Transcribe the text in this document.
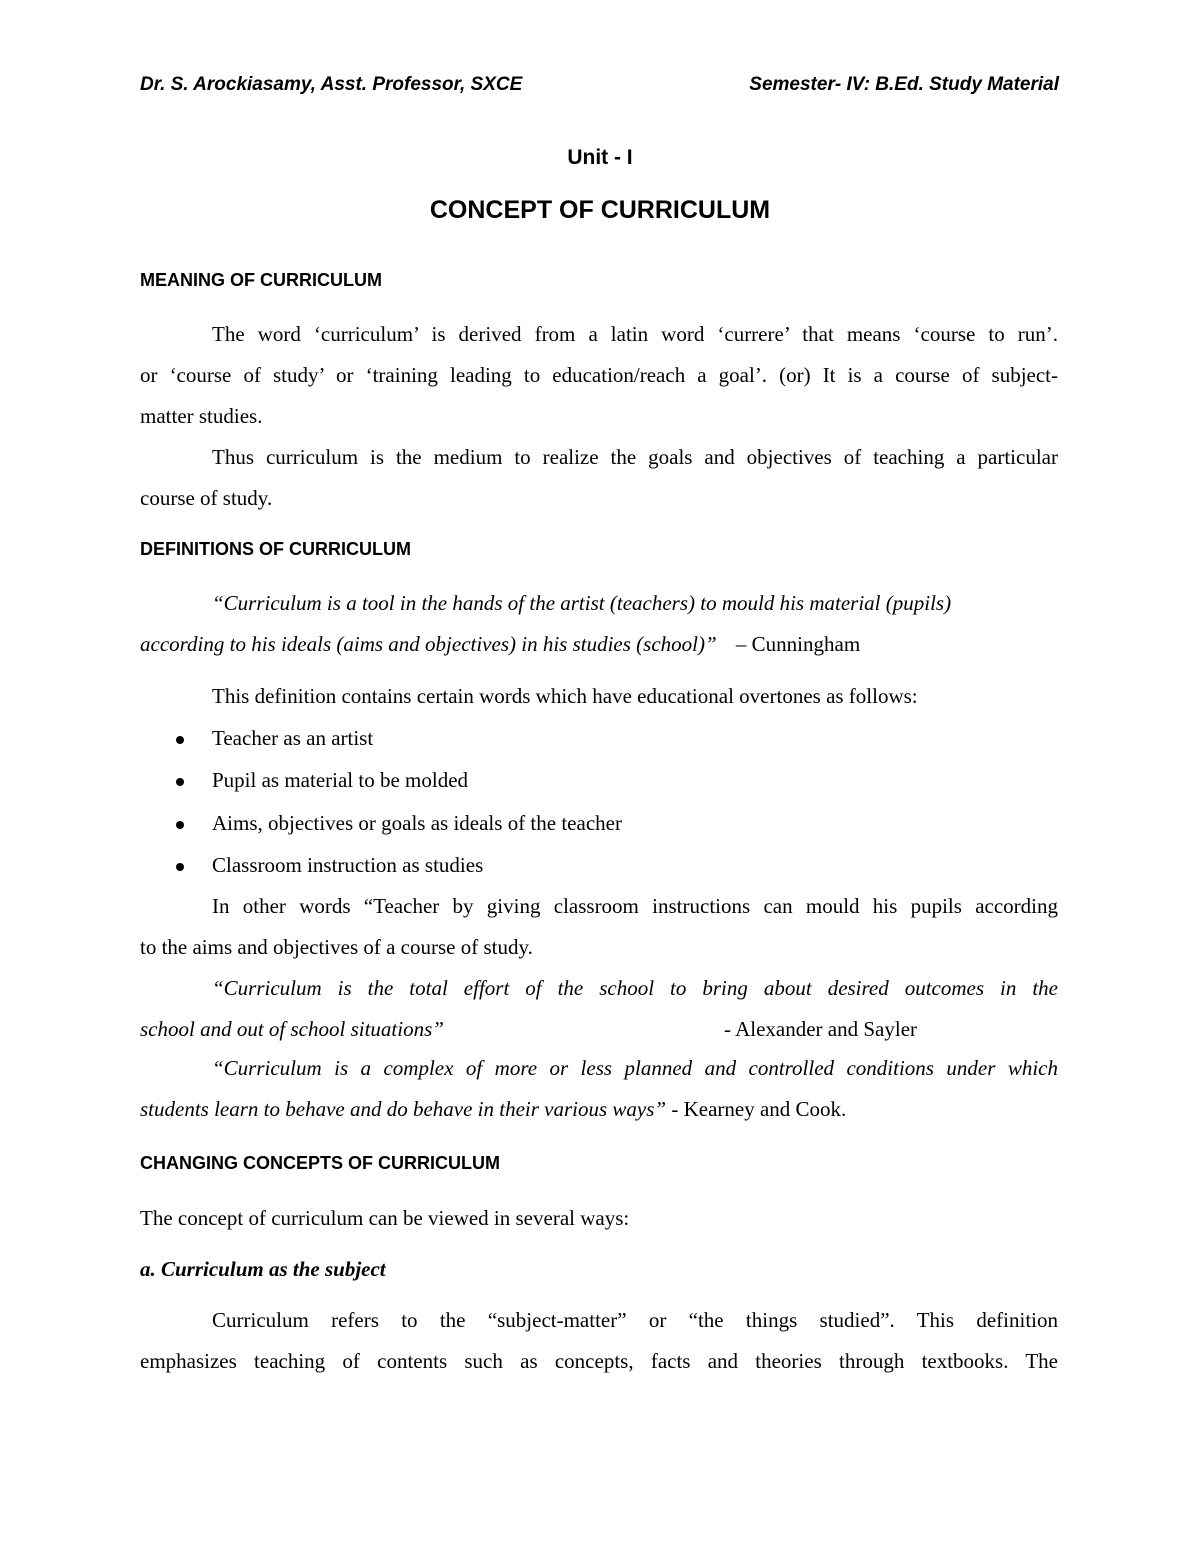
Dr. S. Arockiasamy, Asst. Professor, SXCE	Semester- IV: B.Ed. Study Material
Unit - I
CONCEPT OF CURRICULUM
MEANING OF CURRICULUM
The word ‘curriculum’ is derived from a latin word ‘currere’ that means ‘course to run’.
or ‘course of study’ or ‘training leading to education/reach a goal’. (or) It is a course of subject-
matter studies.
Thus curriculum is the medium to realize the goals and objectives of teaching a particular
course of study.
DEFINITIONS OF CURRICULUM
“Curriculum is a tool in the hands of the artist (teachers) to mould his material (pupils)
according to his ideals (aims and objectives) in his studies (school)” – Cunningham
This definition contains certain words which have educational overtones as follows:
Teacher as an artist
Pupil as material to be molded
Aims, objectives or goals as ideals of the teacher
Classroom instruction as studies
In other words “Teacher by giving classroom instructions can mould his pupils according
to the aims and objectives of a course of study.
“Curriculum is the total effort of the school to bring about desired outcomes in the
school and out of school situations”	- Alexander and Sayler
“Curriculum is a complex of more or less planned and controlled conditions under which
students learn to behave and do behave in their various ways” - Kearney and Cook.
CHANGING CONCEPTS OF CURRICULUM
The concept of curriculum can be viewed in several ways:
a. Curriculum as the subject
Curriculum refers to the “subject-matter” or “the things studied”. This definition
emphasizes teaching of contents such as concepts, facts and theories through textbooks. The
